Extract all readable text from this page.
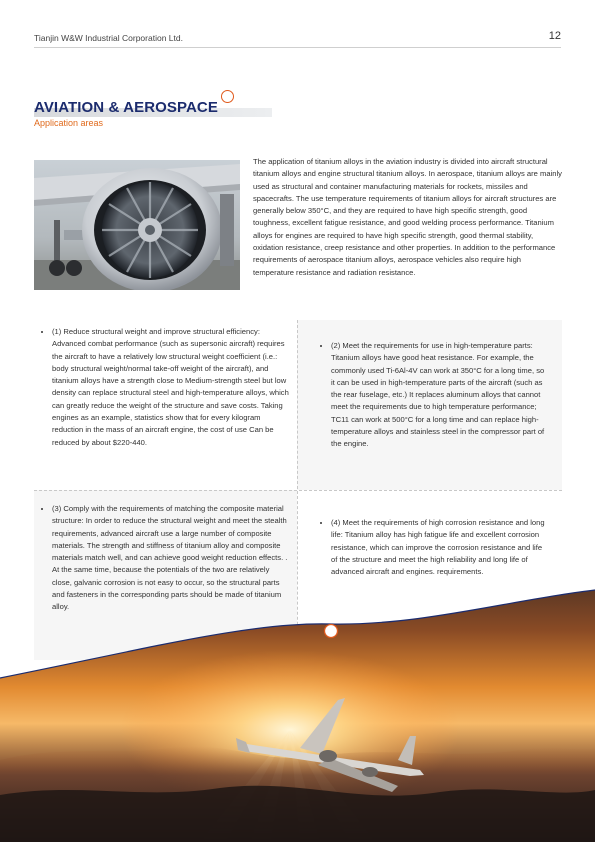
Tianjin W&W Industrial Corporation Ltd.	12
AVIATION & AEROSPACE
Application areas

The application of titanium alloys in the aviation industry is divided into aircraft structural titanium alloys and engine structural titanium alloys. In aerospace, titanium alloys are mainly used as structural and container manufacturing materials for rockets, missiles and spacecrafts. The use temperature requirements of titanium alloys for aircraft structures are generally below 350°C, and they are required to have high specific strength, good toughness, excellent fatigue resistance, and good welding process performance. Titanium alloys for engines are required to have high specific strength, good thermal stability, oxidation resistance, creep resistance and other properties. In addition to the performance requirements of aerospace titanium alloys, aerospace vehicles also require high temperature resistance and radiation resistance.

• (1) Reduce structural weight and improve structural efficiency: Advanced combat performance (such as supersonic aircraft) requires the aircraft to have a relatively low structural weight coefficient (i.e.: body structural weight/normal take-off weight of the aircraft), and titanium alloys have a strength close to Medium-strength steel but low density can replace structural steel and high-temperature alloys, which can greatly reduce the weight of the structure and save costs. Taking engines as an example, statistics show that for every kilogram reduction in the mass of an aircraft engine, the cost of use Can be reduced by about $220-440.
• (2) Meet the requirements for use in high-temperature parts: Titanium alloys have good heat resistance. For example, the commonly used Ti-6Al-4V can work at 350°C for a long time, so it can be used in high-temperature parts of the aircraft (such as the rear fuselage, etc.) It replaces aluminum alloys that cannot meet the requirements due to high temperature performance; TC11 can work at 500°C for a long time and can replace high-temperature alloys and stainless steel in the compressor part of the engine.
• (3) Comply with the requirements of matching the composite material structure: In order to reduce the structural weight and meet the stealth requirements, advanced aircraft use a large number of composite materials. The strength and stiffness of titanium alloy and composite materials match well, and can achieve good weight reduction effects. . At the same time, because the potentials of the two are relatively close, galvanic corrosion is not easy to occur, so the structural parts and fasteners in the corresponding parts should be made of titanium alloy.
• (4) Meet the requirements of high corrosion resistance and long life: Titanium alloy has high fatigue life and excellent corrosion resistance, which can improve the corrosion resistance and life of the structure and meet the high reliability and long life of advanced aircraft and engines. requirements.
